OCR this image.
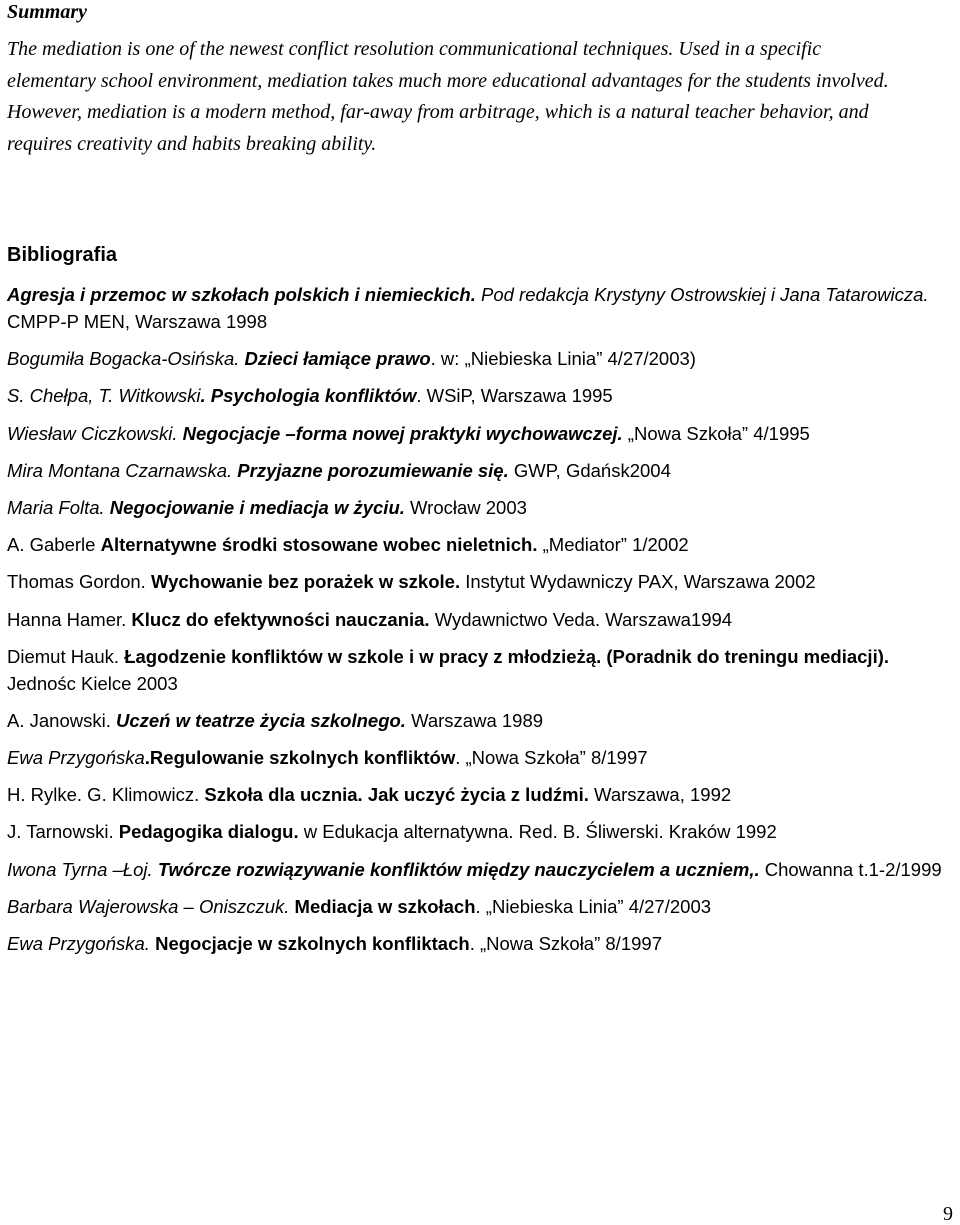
Summary

The mediation is one of the newest conflict resolution communicational techniques. Used in a specific
elementary school environment, mediation takes much more educational advantages for the students involved.
However, mediation is a modern method, far-away from arbitrage, which is a natural teacher behavior, and
requires creativity and habits breaking ability.

Bibliografia
Agresja i przemoc w szkołach polskich i niemieckich. Pod redakcja Krystyny Ostrowskiej i Jana Tatarowicza. CMPP-P MEN, Warszawa 1998
Bogumiła Bogacka-Osińska. Dzieci łamiące prawo. w: „Niebieska Linia” 4/27/2003)
S. Chełpa, T. Witkowski. Psychologia konfliktów. WSiP, Warszawa 1995
Wiesław Ciczkowski. Negocjacje –forma nowej praktyki wychowawczej. „Nowa Szkoła” 4/1995
Mira Montana Czarnawska. Przyjazne porozumiewanie się. GWP, Gdańsk2004
Maria Folta. Negocjowanie i mediacja w życiu. Wrocław 2003
A. Gaberle Alternatywne środki stosowane wobec nieletnich. „Mediator” 1/2002
Thomas Gordon. Wychowanie bez porażek w szkole. Instytut Wydawniczy PAX, Warszawa 2002
Hanna Hamer. Klucz do efektywności nauczania. Wydawnictwo Veda. Warszawa1994
Diemut Hauk. Łagodzenie konfliktów w szkole i w pracy z młodzieżą. (Poradnik do treningu mediacji). Jednośc Kielce 2003
A. Janowski. Uczeń w teatrze życia szkolnego. Warszawa 1989
Ewa Przygońska.Regulowanie szkolnych konfliktów. „Nowa Szkoła” 8/1997
H. Rylke. G. Klimowicz. Szkoła dla ucznia. Jak uczyć życia z ludźmi. Warszawa, 1992
J. Tarnowski. Pedagogika dialogu. w Edukacja alternatywna. Red. B. Śliwerski. Kraków 1992
Iwona Tyrna –Łoj. Twórcze rozwiązywanie konfliktów między nauczycielem a uczniem,. Chowanna t.1-2/1999
Barbara Wajerowska – Oniszczuk. Mediacja w szkołach. „Niebieska Linia” 4/27/2003
Ewa Przygońska. Negocjacje w szkolnych konfliktach. „Nowa Szkoła” 8/1997
9
